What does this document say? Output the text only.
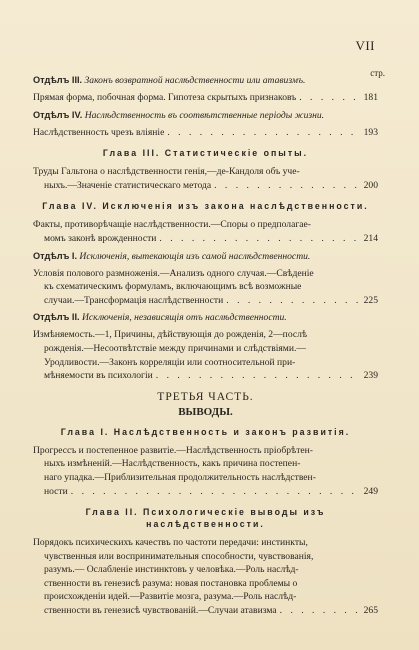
VII
стр.
Отдѣлъ III. Законъ возвратной наслѣдственности или атавизмъ.
Прямая форма, побочная форма. Гипотеза скрытыхъ признаковъ . . .	181
Отдѣлъ IV. Наслѣдственность въ соотвѣтственные періоды жизни.
Наслѣдственность чрезъ вліяніе . . .	193
Глава III. Статистическіе опыты.
Труды Гальтона о наслѣдственности генія,—де-Кандоля объ уче-
ныхъ.—Значеніе статистическаго метода . . .	200
Глава IV. Исключенія изъ закона наслѣдственности.
Факты, противорѣчащіе наслѣдственности.—Споры о предполагае-
момъ законѣ врожденности . . .	214
Отдѣлъ I. Исключенія, вытекающія изъ самой наслѣдственности.
Условія полового размноженія.—Анализъ одного случая.—Свѣденіе
къ схематическимъ формуламъ, включающимъ всѣ возможные
случаи.—Трансформація наслѣдственности . . .	225
Отдѣлъ II. Исключенія, независящія отъ наслѣдственности.
Измѣняемость.—1, Причины, дѣйствующія до рожденія, 2—послѣ
рожденія.—Несоотвѣтствіе между причинами и слѣдствіями.—
Уродливости.—Законъ корреляціи или соотносительной при-
мѣняемости въ психологіи . . .	239
ТРЕТЬЯ ЧАСТЬ.
ВЫВОДЫ.
Глава I. Наслѣдственность и законъ развитія.
Прогрессъ и постепенное развитіе.—Наслѣдственность пріобрѣтен-
ныхъ измѣненій.—Наслѣдственность, какъ причина постепен-
наго упадка.—Приблизительная продолжительность наслѣдствен-
ности . . .	249
Глава II. Психологическіе выводы изъ наслѣдственности.
Порядокъ психическихъ качествъ по частоти передачи: инстинкты,
чувственныя или воспринимательныя способности, чувствованія,
разумъ.— Ослабленіе инстинктовъ у человѣка.—Роль наслѣд-
ственности въ генезисѣ разума: новая постановка проблемы о
происхожденіи идей.—Развитіе мозга, разума.—Роль наслѣд-
ственности въ генезисѣ чувствованій.—Случаи атавизма . . .	265
